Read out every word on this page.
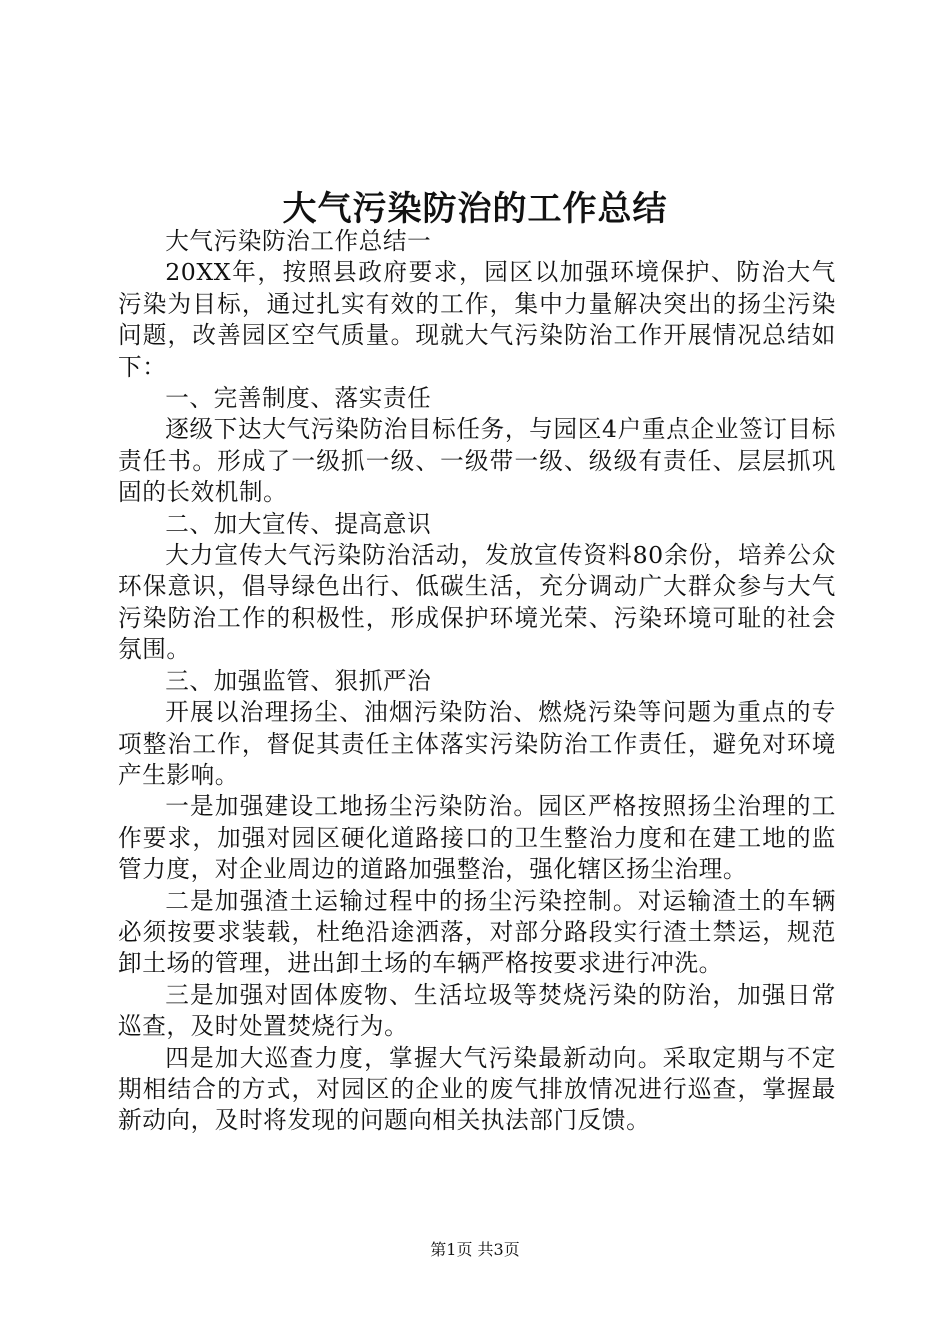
大气污染防治的工作总结

大气污染防治工作总结一

20XX年，按照县政府要求，园区以加强环境保护、防治大气污染为目标，通过扎实有效的工作，集中力量解决突出的扬尘污染问题，改善园区空气质量。现就大气污染防治工作开展情况总结如下：

一、完善制度、落实责任

逐级下达大气污染防治目标任务，与园区4户重点企业签订目标责任书。形成了一级抓一级、一级带一级、级级有责任、层层抓巩固的长效机制。

二、加大宣传、提高意识

大力宣传大气污染防治活动，发放宣传资料80余份，培养公众环保意识，倡导绿色出行、低碳生活，充分调动广大群众参与大气污染防治工作的积极性，形成保护环境光荣、污染环境可耻的社会氛围。

三、加强监管、狠抓严治

开展以治理扬尘、油烟污染防治、燃烧污染等问题为重点的专项整治工作，督促其责任主体落实污染防治工作责任，避免对环境产生影响。

一是加强建设工地扬尘污染防治。园区严格按照扬尘治理的工作要求，加强对园区硬化道路接口的卫生整治力度和在建工地的监管力度，对企业周边的道路加强整治，强化辖区扬尘治理。

二是加强渣土运输过程中的扬尘污染控制。对运输渣土的车辆必须按要求装载，杜绝沿途洒落，对部分路段实行渣土禁运，规范卸土场的管理，进出卸土场的车辆严格按要求进行冲洗。

三是加强对固体废物、生活垃圾等焚烧污染的防治，加强日常巡查，及时处置焚烧行为。

四是加大巡查力度，掌握大气污染最新动向。采取定期与不定期相结合的方式，对园区的企业的废气排放情况进行巡查，掌握最新动向，及时将发现的问题向相关执法部门反馈。

第1页 共3页
